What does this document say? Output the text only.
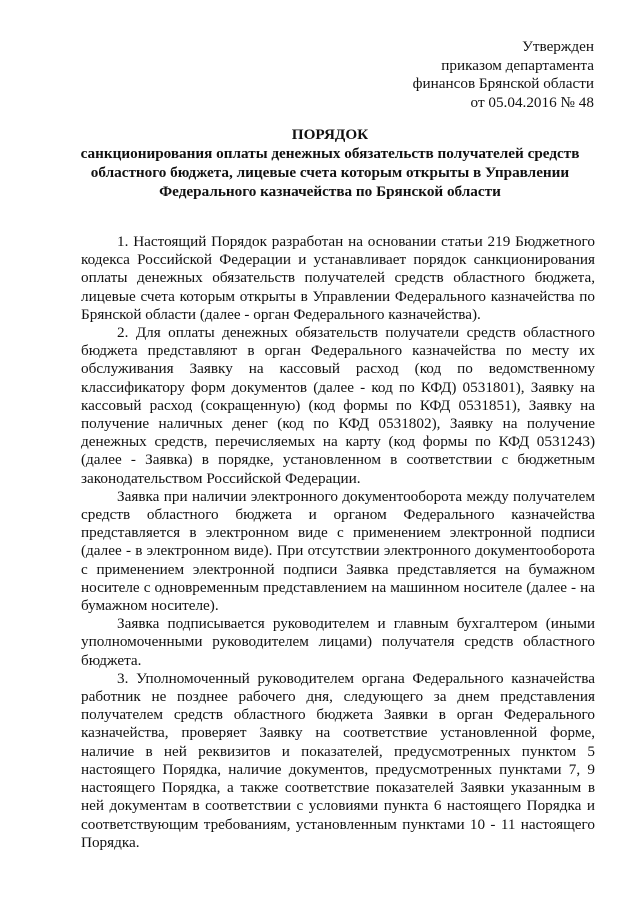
Утвержден
приказом департамента
финансов Брянской области
от 05.04.2016 № 48
ПОРЯДОК
санкционирования оплаты денежных обязательств получателей средств областного бюджета, лицевые счета которым открыты в Управлении Федерального казначейства по Брянской области

1. Настоящий Порядок разработан на основании статьи 219 Бюджетного кодекса Российской Федерации и устанавливает порядок санкционирования оплаты денежных обязательств получателей средств областного бюджета, лицевые счета которым открыты в Управлении Федерального казначейства по Брянской области (далее - орган Федерального казначейства).

2. Для оплаты денежных обязательств получатели средств областного бюджета представляют в орган Федерального казначейства по месту их обслуживания Заявку на кассовый расход (код по ведомственному классификатору форм документов (далее - код по КФД) 0531801), Заявку на кассовый расход (сокращенную) (код формы по КФД 0531851), Заявку на получение наличных денег (код по КФД 0531802), Заявку на получение денежных средств, перечисляемых на карту (код формы по КФД 0531243) (далее - Заявка) в порядке, установленном в соответствии с бюджетным законодательством Российской Федерации.

Заявка при наличии электронного документооборота между получателем средств областного бюджета и органом Федерального казначейства представляется в электронном виде с применением электронной подписи (далее - в электронном виде). При отсутствии электронного документооборота с применением электронной подписи Заявка представляется на бумажном носителе с одновременным представлением на машинном носителе (далее - на бумажном носителе).

Заявка подписывается руководителем и главным бухгалтером (иными уполномоченными руководителем лицами) получателя средств областного бюджета.

3. Уполномоченный руководителем органа Федерального казначейства работник не позднее рабочего дня, следующего за днем представления получателем средств областного бюджета Заявки в орган Федерального казначейства, проверяет Заявку на соответствие установленной форме, наличие в ней реквизитов и показателей, предусмотренных пунктом 5 настоящего Порядка, наличие документов, предусмотренных пунктами 7, 9 настоящего Порядка, а также соответствие показателей Заявки указанным в ней документам в соответствии с условиями пункта 6 настоящего Порядка и соответствующим требованиям, установленным пунктами 10 - 11 настоящего Порядка.
